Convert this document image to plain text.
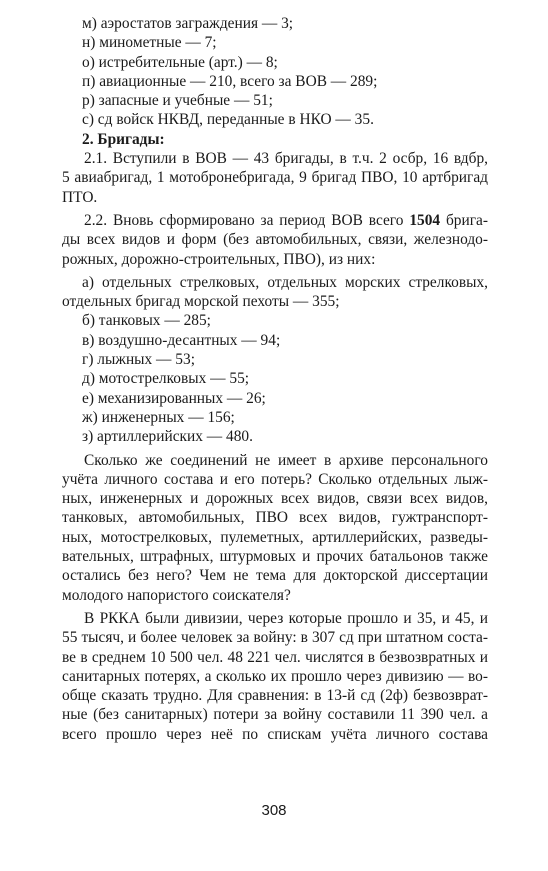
м) аэростатов заграждения — 3;
н) минометные — 7;
о) истребительные (арт.) — 8;
п) авиационные — 210, всего за ВОВ — 289;
р) запасные и учебные — 51;
с) сд войск НКВД, переданные в НКО — 35.
2. Бригады:
2.1. Вступили в ВОВ — 43 бригады, в т.ч. 2 осбр, 16 вдбр,
5 авиабригад, 1 мотобронебригада, 9 бригад ПВО, 10 артбригад
ПТО.
2.2. Вновь сформировано за период ВОВ всего 1504 брига-
ды всех видов и форм (без автомобильных, связи, железнодо-
рожных, дорожно-строительных, ПВО), из них:
а) отдельных стрелковых, отдельных морских стрелковых,
отдельных бригад морской пехоты — 355;
б) танковых — 285;
в) воздушно-десантных — 94;
г) лыжных — 53;
д) мотострелковых — 55;
е) механизированных — 26;
ж) инженерных — 156;
з) артиллерийских — 480.
Сколько же соединений не имеет в архиве персонального
учёта личного состава и его потерь? Сколько отдельных лыж-
ных, инженерных и дорожных всех видов, связи всех видов,
танковых, автомобильных, ПВО всех видов, гужтранспорт-
ных, мотострелковых, пулеметных, артиллерийских, разведы-
вательных, штрафных, штурмовых и прочих батальонов также
остались без него? Чем не тема для докторской диссертации
молодого напористого соискателя?
В РККА были дивизии, через которые прошло и 35, и 45, и
55 тысяч, и более человек за войну: в 307 сд при штатном соста-
ве в среднем 10 500 чел. 48 221 чел. числятся в безвозвратных и
санитарных потерях, а сколько их прошло через дивизию — во-
обще сказать трудно. Для сравнения: в 13-й сд (2ф) безвозврат-
ные (без санитарных) потери за войну составили 11 390 чел. а
всего прошло через неё по спискам учёта личного состава
308
